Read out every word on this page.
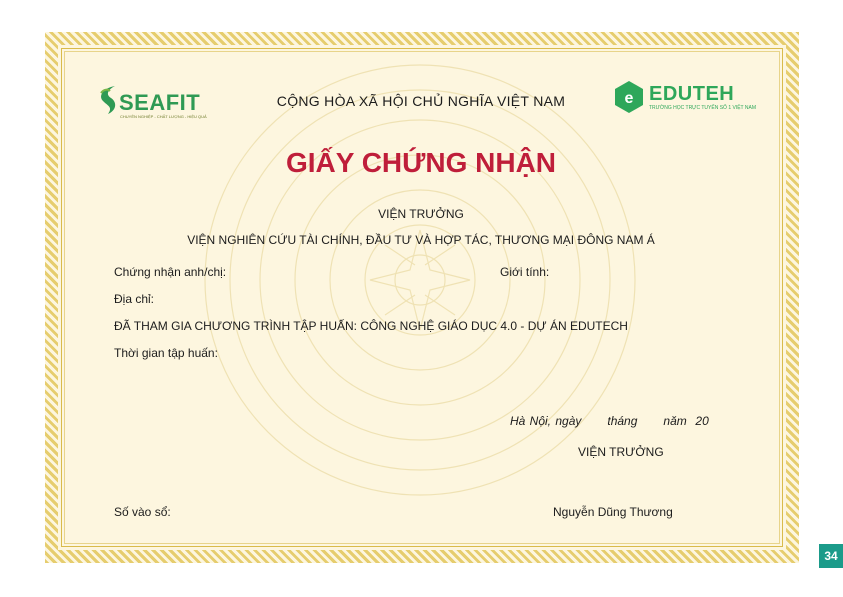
SEAFIT
CHUYÊN NGHIỆP - CHẤT LƯỢNG - HIỆU QUẢ
CỘNG HÒA XÃ HỘI CHỦ NGHĨA VIỆT NAM	e EDUTEH
TRƯỜNG HỌC TRỰC TUYẾN SỐ 1 VIỆT NAM
GIẤY CHỨNG NHẬN
VIỆN TRƯỞNG
VIỆN NGHIÊN CỨU TÀI CHÍNH, ĐẦU TƯ VÀ HỢP TÁC, THƯƠNG MẠI ĐÔNG NAM Á
Chứng nhận anh/chị:	Giới tính:
Địa chỉ:
ĐÃ THAM GIA CHƯƠNG TRÌNH TẬP HUẤN: CÔNG NGHỆ GIÁO DỤC 4.0 - DỰ ÁN EDUTECH
Thời gian tập huấn:
Hà Nội, ngày      tháng      năm  20
VIỆN TRƯỞNG
Số vào sổ:	Nguyễn Dũng Thương
34
